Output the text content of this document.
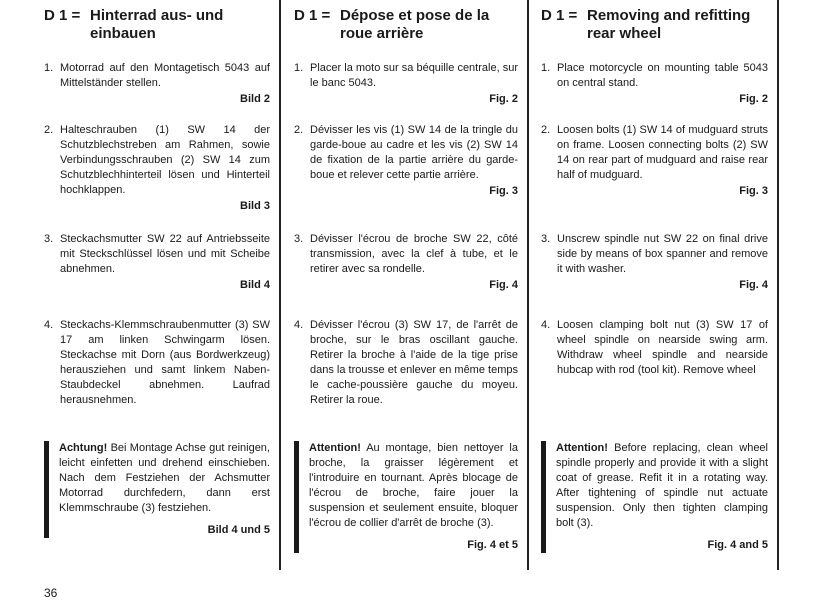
D 1 = Hinterrad aus- und einbauen
1. Motorrad auf den Montagetisch 5043 auf Mittelständer stellen.
Bild 2
2. Halteschrauben (1) SW 14 der Schutzblechstreben am Rahmen, sowie Verbindungsschrauben (2) SW 14 zum Schutzblechhinterteil lösen und Hinterteil hochklappen.
Bild 3
3. Steckachsmutter SW 22 auf Antriebsseite mit Steckschlüssel lösen und mit Scheibe abnehmen.
Bild 4
4. Steckachs-Klemmschraubenmutter (3) SW 17 am linken Schwingarm lösen. Steckachse mit Dorn (aus Bordwerkzeug) herausziehen und samt linkem Naben-Staubdeckel abnehmen. Laufrad herausnehmen.
Achtung! Bei Montage Achse gut reinigen, leicht einfetten und drehend einschieben. Nach dem Festziehen der Achsmutter Motorrad durchfedern, dann erst Klemmschraube (3) festziehen.
Bild 4 und 5
D 1 = Dépose et pose de la roue arrière
1. Placer la moto sur sa béquille centrale, sur le banc 5043.
Fig. 2
2. Dévisser les vis (1) SW 14 de la tringle du garde-boue au cadre et les vis (2) SW 14 de fixation de la partie arrière du garde-boue et relever cette partie arrière.
Fig. 3
3. Dévisser l'écrou de broche SW 22, côté transmission, avec la clef à tube, et le retirer avec sa rondelle.
Fig. 4
4. Dévisser l'écrou (3) SW 17, de l'arrêt de broche, sur le bras oscillant gauche. Retirer la broche à l'aide de la tige prise dans la trousse et enlever en même temps le cache-poussière gauche du moyeu. Retirer la roue.
Attention! Au montage, bien nettoyer la broche, la graisser légèrement et l'introduire en tournant. Après blocage de l'écrou de broche, faire jouer la suspension et seulement ensuite, bloquer l'écrou de collier d'arrêt de broche (3).
Fig. 4 et 5
D 1 = Removing and refitting rear wheel
1. Place motorcycle on mounting table 5043 on central stand.
Fig. 2
2. Loosen bolts (1) SW 14 of mudguard struts on frame. Loosen connecting bolts (2) SW 14 on rear part of mudguard and raise rear half of mudguard.
Fig. 3
3. Unscrew spindle nut SW 22 on final drive side by means of box spanner and remove it with washer.
Fig. 4
4. Loosen clamping bolt nut (3) SW 17 of wheel spindle on nearside swing arm. Withdraw wheel spindle and nearside hubcap with rod (tool kit). Remove wheel
Attention! Before replacing, clean wheel spindle properly and provide it with a slight coat of grease. Refit it in a rotating way. After tightening of spindle nut actuate suspension. Only then tighten clamping bolt (3).
Fig. 4 and 5
36
